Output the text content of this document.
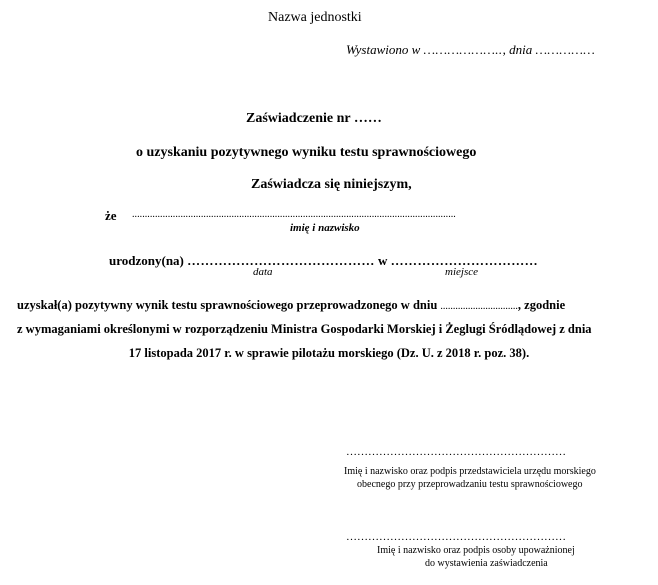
Nazwa jednostki
Wystawiono w ……………….., dnia ……………
Zaświadczenie nr ……
o uzyskaniu pozytywnego wyniku testu sprawnościowego
Zaświadcza się niniejszym,
że ...............................................................................................................................
imię i nazwisko
urodzony(na) …………………………………… w ……………………………
data	miejsce
uzyskał(a) pozytywny wynik testu sprawnościowego przeprowadzonego w dniu ..............................., zgodnie
z wymaganiami określonymi w rozporządzeniu Ministra Gospodarki Morskiej i Żeglugi Śródlądowej z dnia
17 listopada 2017 r. w sprawie pilotażu morskiego (Dz. U. z 2018 r. poz. 38).
……………………………………………………
Imię i nazwisko oraz podpis przedstawiciela urzędu morskiego
obecnego przy przeprowadzaniu testu sprawnościowego
……………………………………………………
Imię i nazwisko oraz podpis osoby upoważnionej
do wystawienia zaświadczenia
